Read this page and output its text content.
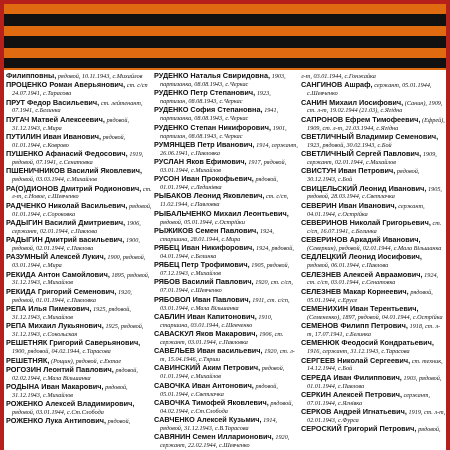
Филипповны, рядовой, 10.11.1943, с.Михайлов
ПРОЦЕНКО Роман Аверьянович, ст. с/сп 24.07.1941, с.Тарасова
ПРУТ Федор Васильевич, ст. лейтенант, 07.1941, с.Белинка
ПУГАЧ Матвей Алексеевич, рядовой, 31.12.1943, с.Мира
ПУТИЛИН Иван Иванович, рядовой, 01.01.1944, с.Коврово
ПУШЕНКО Афанасий Федосович, 1919, рядовой, 07.1941, с.Сенатовка
ПШЕНИЧНИКОВ Василий Яковлевич, рядовой, 03.03.1944, с.Михайлов
РА(О)ДИОНОВ Дмитрий Родионович, ст. л-т, с.Новое, с.Шевченко
РАДЧЕНКО Николай Васильевич, рядовой, 01.01.1944, с.Сороковка
РАДЫГИН Василий Дмитриевич, 1906, сержант, 02.01.1944, с.Павлова
РАДЫГИН Дмитрий васильевич, 1900, рядовой, 02.01.1944, с.Павлова
РАЗУМНЫЙ Алексей Лукич, 1900, рядовой, 03.01.1944, с.Мира
РЕКИДА Антон Самойлович, 1895, рядовой, 31.12.1943, с.Михайлов
РЕКИДА Григорий Семенович, 1920, рядовой, 01.01.1944, с.Павловка
РЕПА Илья Пимекович, 1925, рядовой, 31.12.1943, с.Михайлов
РЕПА Михаил Лукьянович, 1925, рядовой, 31.12.1943, с.Сокольская
РЕШЕТНЯК Григорий Саверьянович, 1900, рядовой, 04.02.1944, с.Тарасова
РЕШЕТНЯК, (Рощин), рядовой, с.Ектае
РОГОЗИН Леонтий Павлович, рядовой, 02.02.1944, с.Мала Вільшанка
РОДЫНА Иван Макарович, рядовой, 31.12.1943, с.Михайлов
РОЖЕНКО Алексей Владимирович, рядовой, 03.01.1944, с.Ст.Слобода
РОЖЕНКО Лука Антипович, рядовой,
РУДЕНКО Наталья Свиридовна, 1903, партизанка, 08.08.1943, с.Черкас
РУДЕНКО Петр Степанович, 1923, партизан, 08.08.1943, с.Черкас
РУДЕНКО София Степановна, 1941, партизанка, 08.08.1943, с.Черкас
РУДЕНКО Степан Никифорович, 1901, партизан, 08.08.1943, с.Черкас
РУМЯНЦЕВ Петр Иванович, 1914, сержант, 26.06.1941, с.Павловка
РУСЛАН Яков Ефимович, 1917, рядовой, 03.01.1944, с.Михайлов
РУСОН Иван Прокофьевич, рядовой, 01.01.1944, с.Лединівка
РЫБАКОВ Леонид Яковлевич, ст. с/сп, 11.02.1944, с.Павловка
РЫБАЛЬЧЕНКО Михаил Леонтьевич, рядовой, 05.01.1944, с.Острійки
РЫЖИКОВ Семен Павлович, 1924, старшина, 28.01.1944, с.Мира
РЯБЕЦ Иван Никифорович, 1924, рядовой, 04.01.1944, с.Белинка
РЯБЕЦ Петр Трофимович, 1905, рядовой, 07.12.1943, с.Михайлов
РЯБОВ Василий Павлович, 1920, ст. с/сп, 07.01.1944, с.Шевченко
РЯБОВОЛ Иван Павлович, 1911, ст. с/сп, 03.01.1944, с.Мала Вільшанка
САБЛИН Иван Капитонович, 1910, старшина, 03.01.1944, с.Шевченко
САВАСКУЛ Яков Макарович, 1906, ст. сержант, 03.01.1944, с.Павловка
САВЕЛЬЕВ Иван васильевич, 1920, ст. л-т, 15.04.1946, с.Тярши
САВИНСКИЙ Аким Петрович, рядовой, 01.01.1944, с.Михайлов
САВОЧКА Иван Антонович, рядовой, 05.01.1944, с.Светлачка
САВОЧКА Тимофей Яковлевич, рядовой, 04.02.1944, с.Ст.Слобода
САВЧЕНКО Алексей Кузьмич, 1914, рядовой, 31.12.1943, с.В.Тарасова
САВЯНИН Семен Илларионович, 1920, сержант, 22.02.1944, с.Шевченко
л-т, 03.01.1944, с.Гонжайка
САНГИНОВ Ашраф, сержант, 05.01.1944, с.Шевченко
САНИН Михаил Иосифович, (Санин), 1909, ст. л-т, 19.02.1944 (21.03), с.Ягідна
САПРОНОВ Ефрем Тимофеевич, (Ефрей), 1909, ст. л-т, 21.03.1944, с.Ягідна
СВЕТЛИЧНЫЙ Владимир Семенович, 1923, рядовой, 30.02.1943, с.Бой
СВЕТЛИЧНЫЙ Сергей Павлович, 1909, сержант, 02.01.1944, с.Михайлов
СВИСТУН Иван Петрович, рядовой, 30.12.1943, с.Бой
СВИЦЕЛЬСКИЙ Леонид Иванович, 1905, рядовой, 28.03.1944, с.Светлачка
СЕВЕРИН Иван Иванович, сержант, 04.01.1944, с.Острійка
СЕВЕРИНОВ Николай Григорьевич, ст. с/сп, 16.07.1941, с.Белинка
СЕВЕРИНОВ Аркадий Иванович, (Северкин), рядовой, 02.01.1944, с.Мала Вільшанка
СЕДЛЕЦКИЙ Леонид Иосифович, рядовой, 06.01.1944, с.Павлова
СЕЛЕЗНЕВ Алексей Авраамович, 1924, ст. с/сп, 03.01.1944, с.Сенатовка
СЕЛЕЗНЕВ Макар Корнеевич, рядовой, 05.01.1944, с.Ерусе
СЕМЕНИХИН Иван Терентьевич, (Семененко), 1897, рядовой, 04.01.1944, с.Острійка
СЕМЕНОВ Филипп Петрович, 1918, ст. л-т, 17.07.1941, с.Белинка
СЕМЕНЮК Феодосий Кондратьевич, 1916, сержант, 31.12.1943, с.Тарасова
СЕРГЕЕВ Николай Сергеевич, ст. техник, 14.12.1944, с.Бой
СЕРЕДА Иван Филиппович, 1903, рядовой, 01.01.1944, с.Павлова
СЕРКИН Алексей Петрович, сержант, 07.01.1944, с.Ягнівка
СЕРКОВ Андрей Игнатьевич, 1919, ст. л-т, 02.01.1943, с.Фурса
СЕРОСКИЙ Григорий Петрович, рядовой,
